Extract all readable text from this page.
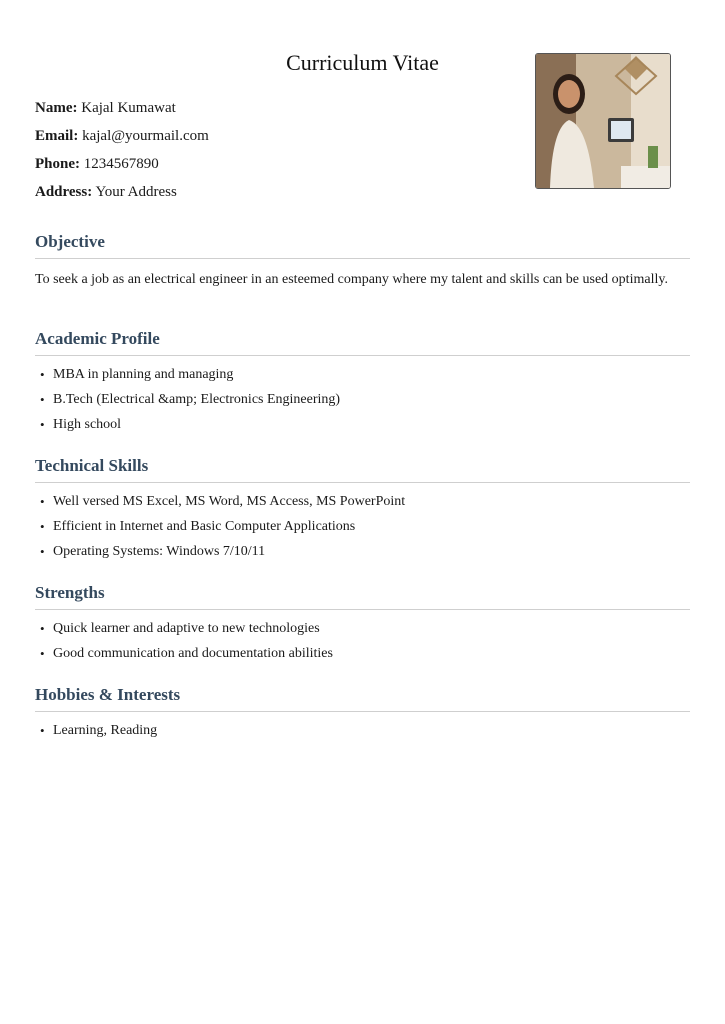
Curriculum Vitae
Name: Kajal Kumawat
Email: kajal@yourmail.com
Phone: 1234567890
Address: Your Address
Objective

To seek a job as an electrical engineer in an esteemed company where my talent and skills can be used optimally.

Academic Profile
• MBA in planning and managing
• B.Tech (Electrical &amp; Electronics Engineering)
• High school
Technical Skills
• Well versed MS Excel, MS Word, MS Access, MS PowerPoint
• Efficient in Internet and Basic Computer Applications
• Operating Systems: Windows 7/10/11
Strengths
• Quick learner and adaptive to new technologies
• Good communication and documentation abilities
Hobbies & Interests
• Learning, Reading
